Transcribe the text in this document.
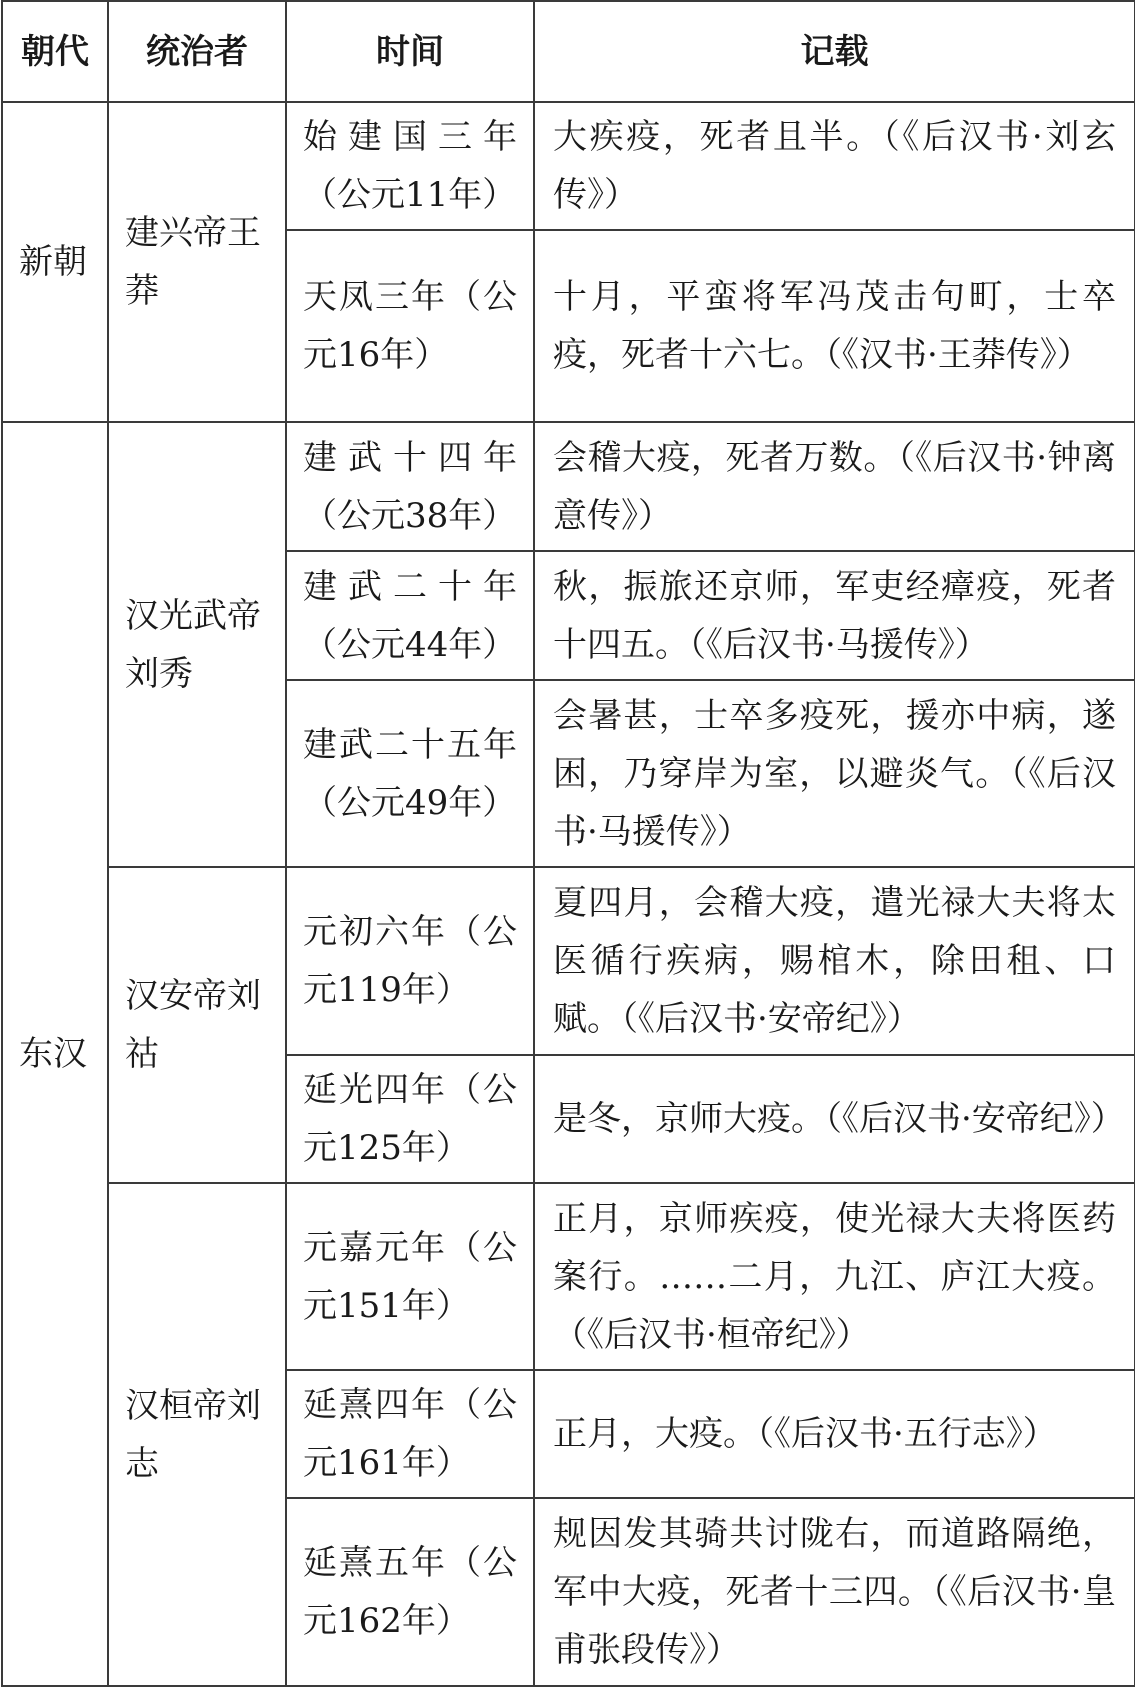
朝代	统治者	时间	记载
新朝	建兴帝王莽	始建国三年（公元11年）	大疾疫，死者且半。（《后汉书·刘玄传》）
		天凤三年（公元16年）	十月，平蛮将军冯茂击句町，士卒疫，死者十六七。（《汉书·王莽传》）
东汉	汉光武帝刘秀	建武十四年（公元38年）	会稽大疫，死者万数。（《后汉书·钟离意传》）
		建武二十年（公元44年）	秋，振旅还京师，军吏经瘴疫，死者十四五。（《后汉书·马援传》）
		建武二十五年（公元49年）	会暑甚，士卒多疫死，援亦中病，遂困，乃穿岸为室，以避炎气。（《后汉书·马援传》）
	汉安帝刘祜	元初六年（公元119年）	夏四月，会稽大疫，遣光禄大夫将太医循行疾病，赐棺木，除田租、口赋。（《后汉书·安帝纪》）
		延光四年（公元125年）	是冬，京师大疫。（《后汉书·安帝纪》）
	汉桓帝刘志	元嘉元年（公元151年）	正月，京师疾疫，使光禄大夫将医药案行。……二月，九江、庐江大疫。（《后汉书·桓帝纪》）
		延熹四年（公元161年）	正月，大疫。（《后汉书·五行志》）
		延熹五年（公元162年）	规因发其骑共讨陇右，而道路隔绝，军中大疫，死者十三四。（《后汉书·皇甫张段传》）
